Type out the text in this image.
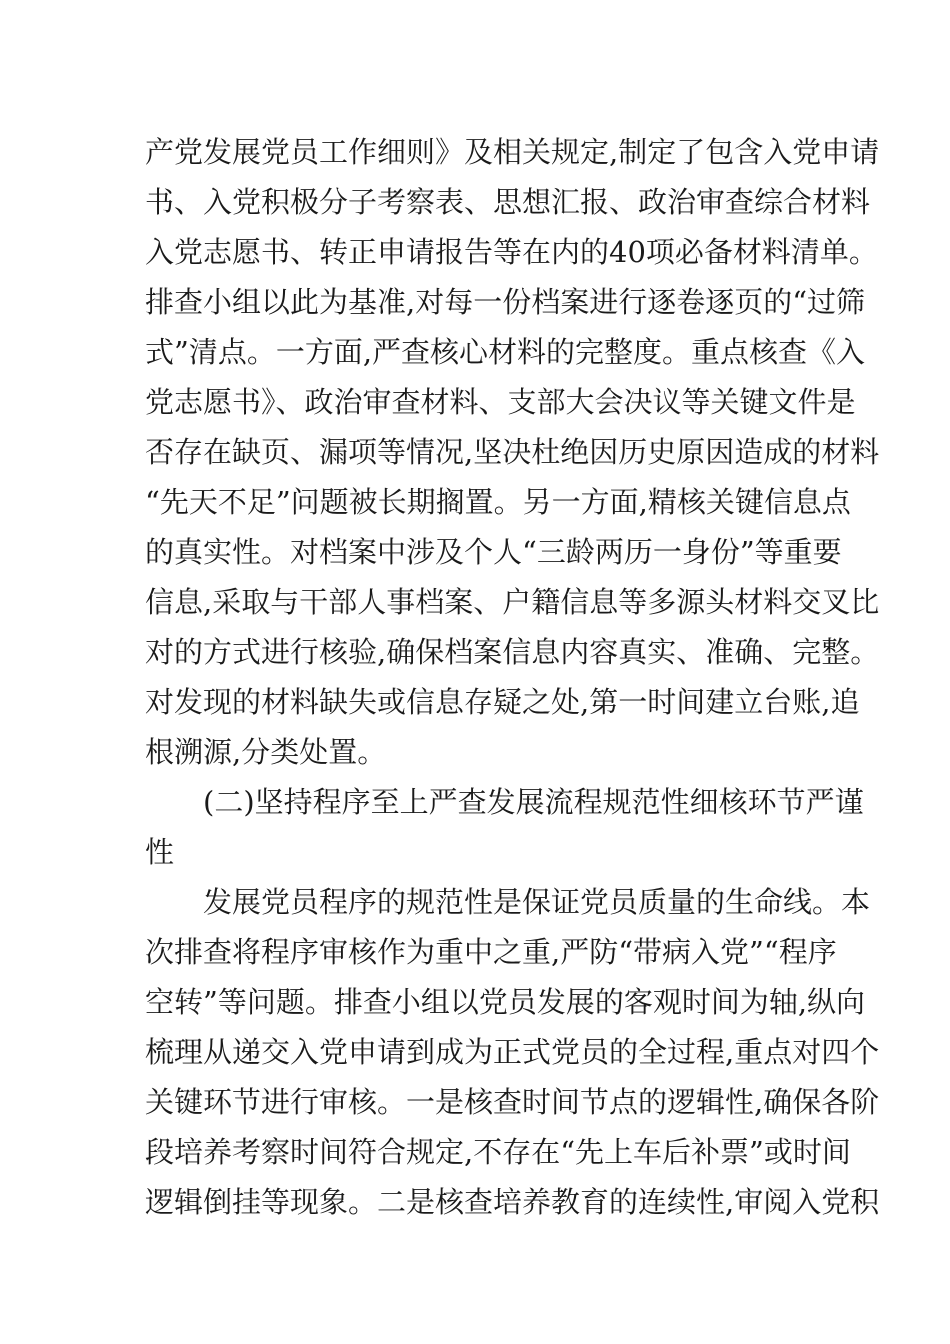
产党发展党员工作细则》及相关规定,制定了包含入党申请
书、入党积极分子考察表、思想汇报、政治审查综合材料
入党志愿书、转正申请报告等在内的40项必备材料清单。
排查小组以此为基准,对每一份档案进行逐卷逐页的“过筛
式”清点。一方面,严查核心材料的完整度。重点核查《入
党志愿书》、政治审查材料、支部大会决议等关键文件是
否存在缺页、漏项等情况,坚决杜绝因历史原因造成的材料
“先天不足”问题被长期搁置。另一方面,精核关键信息点
的真实性。对档案中涉及个人“三龄两历一身份”等重要
信息,采取与干部人事档案、户籍信息等多源头材料交叉比
对的方式进行核验,确保档案信息内容真实、准确、完整。
对发现的材料缺失或信息存疑之处,第一时间建立台账,追
根溯源,分类处置。
(二)坚持程序至上严查发展流程规范性细核环节严谨
性
发展党员程序的规范性是保证党员质量的生命线。本
次排查将程序审核作为重中之重,严防“带病入党”“程序
空转”等问题。排查小组以党员发展的客观时间为轴,纵向
梳理从递交入党申请到成为正式党员的全过程,重点对四个
关键环节进行审核。一是核查时间节点的逻辑性,确保各阶
段培养考察时间符合规定,不存在“先上车后补票”或时间
逻辑倒挂等现象。二是核查培养教育的连续性,审阅入党积
